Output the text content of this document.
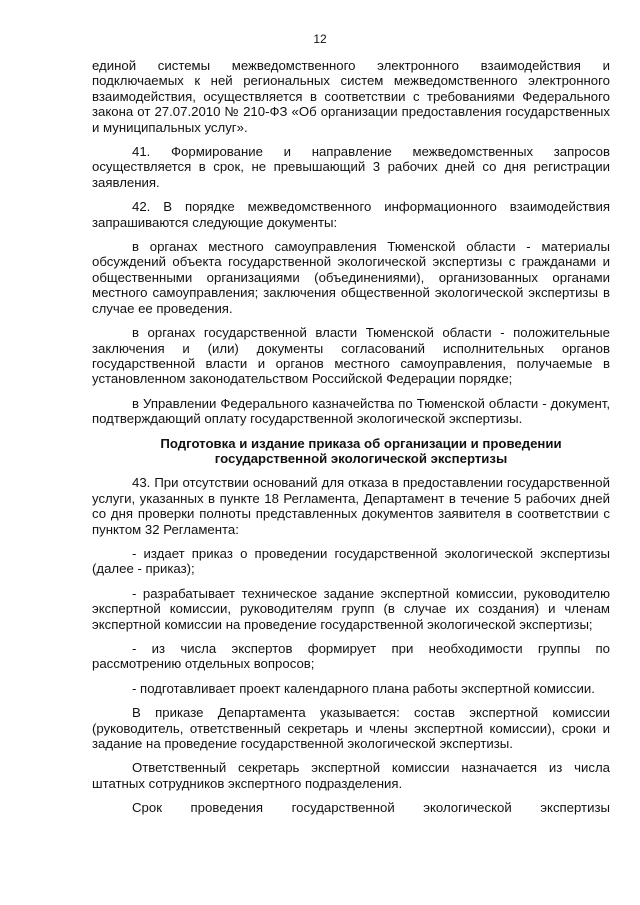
12

единой системы межведомственного электронного взаимодействия и подключаемых к ней региональных систем межведомственного электронного взаимодействия, осуществляется в соответствии с требованиями Федерального закона от 27.07.2010 № 210-ФЗ «Об организации предоставления государственных и муниципальных услуг».

41. Формирование и направление межведомственных запросов осуществляется в срок, не превышающий 3 рабочих дней со дня регистрации заявления.

42. В порядке межведомственного информационного взаимодействия запрашиваются следующие документы:

в органах местного самоуправления Тюменской области - материалы обсуждений объекта государственной экологической экспертизы с гражданами и общественными организациями (объединениями), организованных органами местного самоуправления; заключения общественной экологической экспертизы в случае ее проведения.

в органах государственной власти Тюменской области - положительные заключения и (или) документы согласований исполнительных органов государственной власти и органов местного самоуправления, получаемые в установленном законодательством Российской Федерации порядке;

в Управлении Федерального казначейства по Тюменской области - документ, подтверждающий оплату государственной экологической экспертизы.

Подготовка и издание приказа об организации и проведении государственной экологической экспертизы

43. При отсутствии оснований для отказа в предоставлении государственной услуги, указанных в пункте 18 Регламента, Департамент в течение 5 рабочих дней со дня проверки полноты представленных документов заявителя в соответствии с пунктом 32 Регламента:

- издает приказ о проведении государственной экологической экспертизы (далее - приказ);

- разрабатывает техническое задание экспертной комиссии, руководителю экспертной комиссии, руководителям групп (в случае их создания) и членам экспертной комиссии на проведение государственной экологической экспертизы;

- из числа экспертов формирует при необходимости группы по рассмотрению отдельных вопросов;

- подготавливает проект календарного плана работы экспертной комиссии.

В приказе Департамента указывается: состав экспертной комиссии (руководитель, ответственный секретарь и члены экспертной комиссии), сроки и задание на проведение государственной экологической экспертизы.

Ответственный секретарь экспертной комиссии назначается из числа штатных сотрудников экспертного подразделения.

Срок проведения государственной экологической экспертизы
